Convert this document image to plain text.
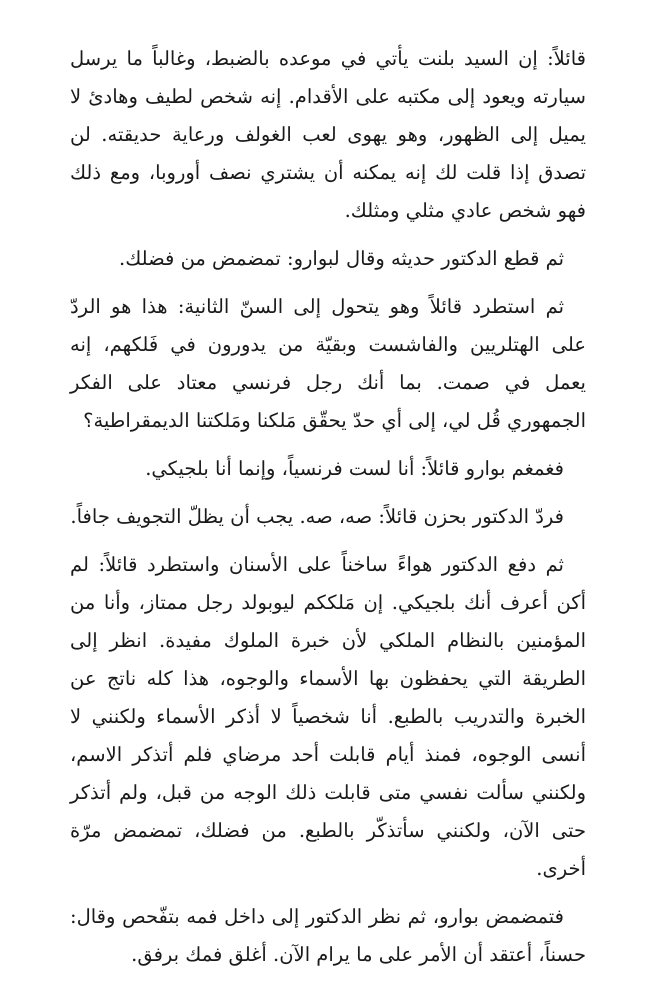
قائلاً: إن السيد بلنت يأتي في موعده بالضبط، وغالباً ما يرسل سيارته ويعود إلى مكتبه على الأقدام. إنه شخص لطيف وهادئ لا يميل إلى الظهور، وهو يهوى لعب الغولف ورعاية حديقته. لن تصدق إذا قلت لك إنه يمكنه أن يشتري نصف أوروبا، ومع ذلك فهو شخص عادي مثلي ومثلك.

ثم قطع الدكتور حديثه وقال لبوارو: تمضمض من فضلك.

ثم استطرد قائلاً وهو يتحول إلى السنّ الثانية: هذا هو الردّ على الهتلريين والفاشست وبقيّة من يدورون في فَلكهم، إنه يعمل في صمت. بما أنك رجل فرنسي معتاد على الفكر الجمهوري قُل لي، إلى أي حدّ يحقّق مَلكنا ومَلكتنا الديمقراطية؟

فغمغم بوارو قائلاً: أنا لست فرنسياً، وإنما أنا بلجيكي.

فردّ الدكتور بحزن قائلاً: صه، صه. يجب أن يظلّ التجويف جافاً.

ثم دفع الدكتور هواءً ساخناً على الأسنان واستطرد قائلاً: لم أكن أعرف أنك بلجيكي. إن مَلككم ليوبولد رجل ممتاز، وأنا من المؤمنين بالنظام الملكي لأن خبرة الملوك مفيدة. انظر إلى الطريقة التي يحفظون بها الأسماء والوجوه، هذا كله ناتج عن الخبرة والتدريب بالطبع. أنا شخصياً لا أذكر الأسماء ولكنني لا أنسى الوجوه، فمنذ أيام قابلت أحد مرضاي فلم أتذكر الاسم، ولكنني سألت نفسي متى قابلت ذلك الوجه من قبل، ولم أتذكر حتى الآن، ولكنني سأتذكّر بالطبع. من فضلك، تمضمض مرّة أخرى.

فتمضمض بوارو، ثم نظر الدكتور إلى داخل فمه بتفّحص وقال: حسناً، أعتقد أن الأمر على ما يرام الآن. أغلق فمك برفق.
